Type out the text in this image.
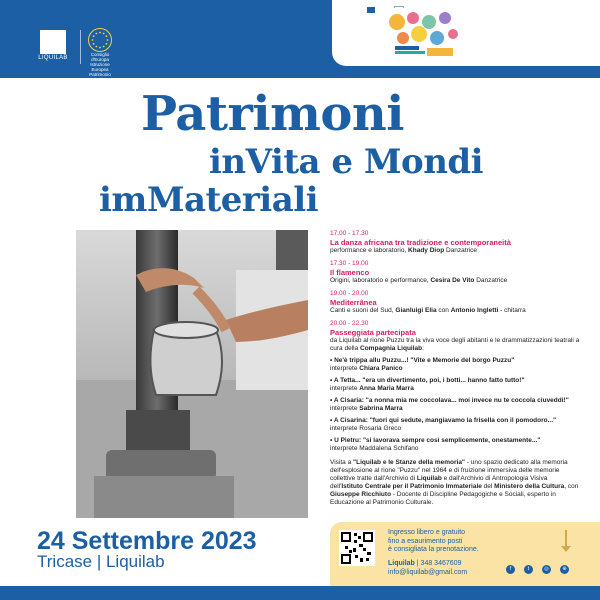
LIQUILAB
Consiglio d'Europa Istruzione Europea Patrimonio
Patrimoni
inVita e Mondi
imMateriali
17.00 - 17.30
La danza africana tra tradizione e contemporaneità
performance e laboratorio, Khady Diop Danzatrice
17.30 - 19.00
Il flamenco
Origini, laboratorio e performance, Cesira De Vito Danzatrice
19.00 - 20.00
Mediterrânea
Canti e suoni del Sud, Gianluigi Elia con Antonio Ingletti - chitarra
20.00 - 22.30
Passeggiata partecipata
da Liquilab al rione Puzzu tra la viva voce degli abitanti e le drammatizzazioni teatrali a
cura della Compagnia Liquilab:
• Ne'è trippa allu Puzzu...! "Vite e Memorie del borgo Puzzu"
interprete Chiara Panico
• A Tetta... "era un divertimento, poi, i botti... hanno fatto tutto!"
interprete Anna Maria Marra
• A Cisaria: "a nonna mia me coccolava... moi invece nu te coccola ciuveddi!"
interprete Sabrina Marra
• A Cisarina: "fuori qui sedute, mangiavamo la frisella con il pomodoro..."
interprete Rosaria Greco
• U Pietru: "si lavorava sempre così semplicemente, onestamente..."
interprete Maddalena Schifano
Visita a "Liquilab e le Stanze della memoria" - uno spazio dedicato alla memoria dell'esplosione al rione "Puzzu" nel 1964 e di fruizione immersiva delle memorie collettive tratte dall'Archivio di Liquilab e dall'Archivio di Antropologia Visiva dell'Istituto Centrale per il Patrimonio Immateriale del Ministero della Cultura, con Giuseppe Ricchiuto - Docente di Discipline Pedagogiche e Sociali, esperto in Educazione al Patrimonio Culturale.
24 Settembre 2023
Tricase | Liquilab
Ingresso libero e gratuito
fino a esaurimento posti
è consigliata la prenotazione.
Liquilab | 348 3467609
info@liquilab@gmail.com	f	t	◎	⊕
